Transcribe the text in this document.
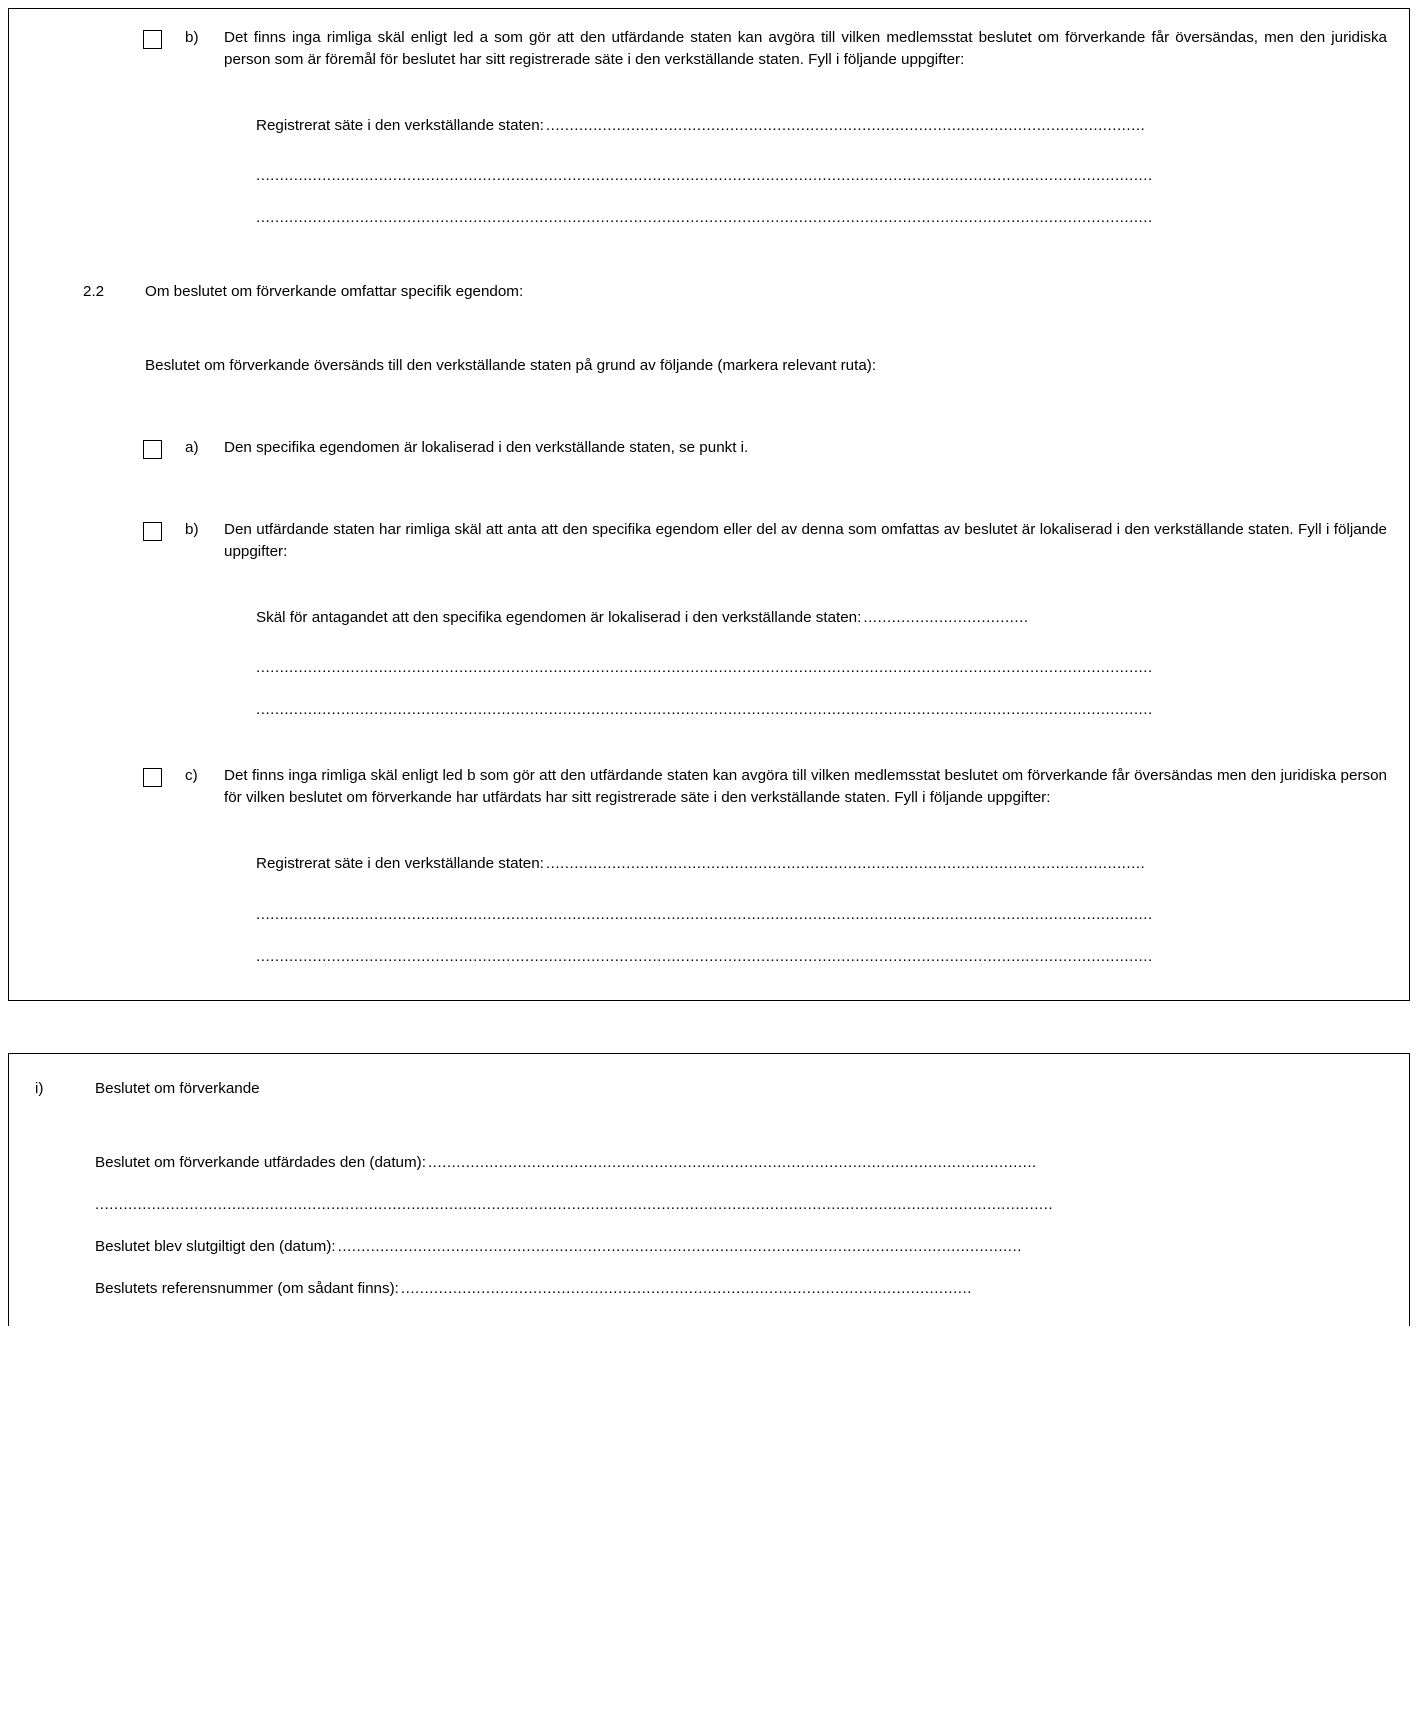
b)	Det finns inga rimliga skäl enligt led a som gör att den utfärdande staten kan avgöra till vilken medlemsstat beslutet om förverkande får översändas, men den juridiska person som är föremål för beslutet har sitt registrerade säte i den verkställande staten. Fyll i följande uppgifter:
Registrerat säte i den verkställande staten: ...............................................................................................................................
..............................................................................................................................................................................................
..............................................................................................................................................................................................
2.2	Om beslutet om förverkande omfattar specifik egendom:
Beslutet om förverkande översänds till den verkställande staten på grund av följande (markera relevant ruta):
a)	Den specifika egendomen är lokaliserad i den verkställande staten, se punkt i.
b)	Den utfärdande staten har rimliga skäl att anta att den specifika egendom eller del av denna som omfattas av beslutet är lokaliserad i den verkställande staten. Fyll i följande uppgifter:
Skäl för antagandet att den specifika egendomen är lokaliserad i den verkställande staten: ...................................
..............................................................................................................................................................................................
..............................................................................................................................................................................................
c)	Det finns inga rimliga skäl enligt led b som gör att den utfärdande staten kan avgöra till vilken medlemsstat beslutet om förverkande får översändas men den juridiska person för vilken beslutet om förverkande har utfärdats har sitt registrerade säte i den verkställande staten. Fyll i följande uppgifter:
Registrerat säte i den verkställande staten: ...............................................................................................................................
..............................................................................................................................................................................................
..............................................................................................................................................................................................
i)	Beslutet om förverkande
Beslutet om förverkande utfärdades den (datum): .................................................................................................................................
...........................................................................................................................................................................................................
Beslutet blev slutgiltigt den (datum): .................................................................................................................................................
Beslutets referensnummer (om sådant finns): .........................................................................................................................
